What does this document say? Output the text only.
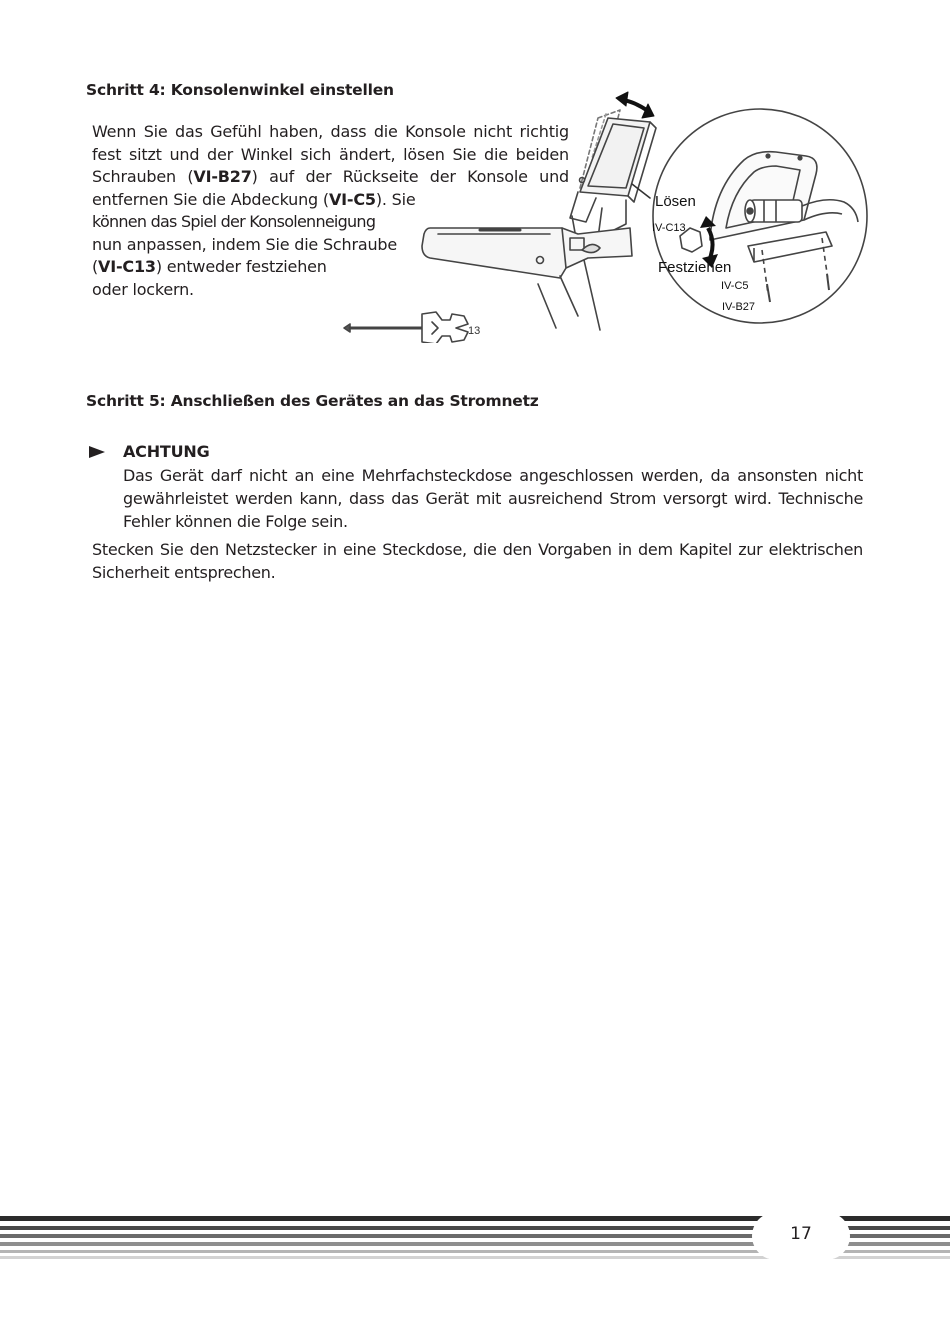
Schritt 4: Konsolenwinkel einstellen
Wenn Sie das Gefühl haben, dass die Konsole nicht richtig
fest sitzt und der Winkel sich ändert, lösen Sie die beiden
Schrauben (VI-B27) auf der Rückseite der Konsole und
entfernen Sie die Abdeckung (VI-C5). Sie
können das Spiel der Konsolenneigung
nun anpassen, indem Sie die Schraube
(VI-C13) entweder festziehen
oder lockern.
13
Lösen
IV-C13
Festziehen
IV-C5
IV-B27
Schritt 5: Anschließen des Gerätes an das Stromnetz
ACHTUNG

Das Gerät darf nicht an eine Mehrfachsteckdose angeschlossen werden, da ansonsten nicht gewährleistet werden kann, dass das Gerät mit ausreichend Strom versorgt wird. Technische Fehler können die Folge sein.

Stecken Sie den Netzstecker in eine Steckdose, die den Vorgaben in dem Kapitel zur elektrischen Sicherheit entsprechen.

17
